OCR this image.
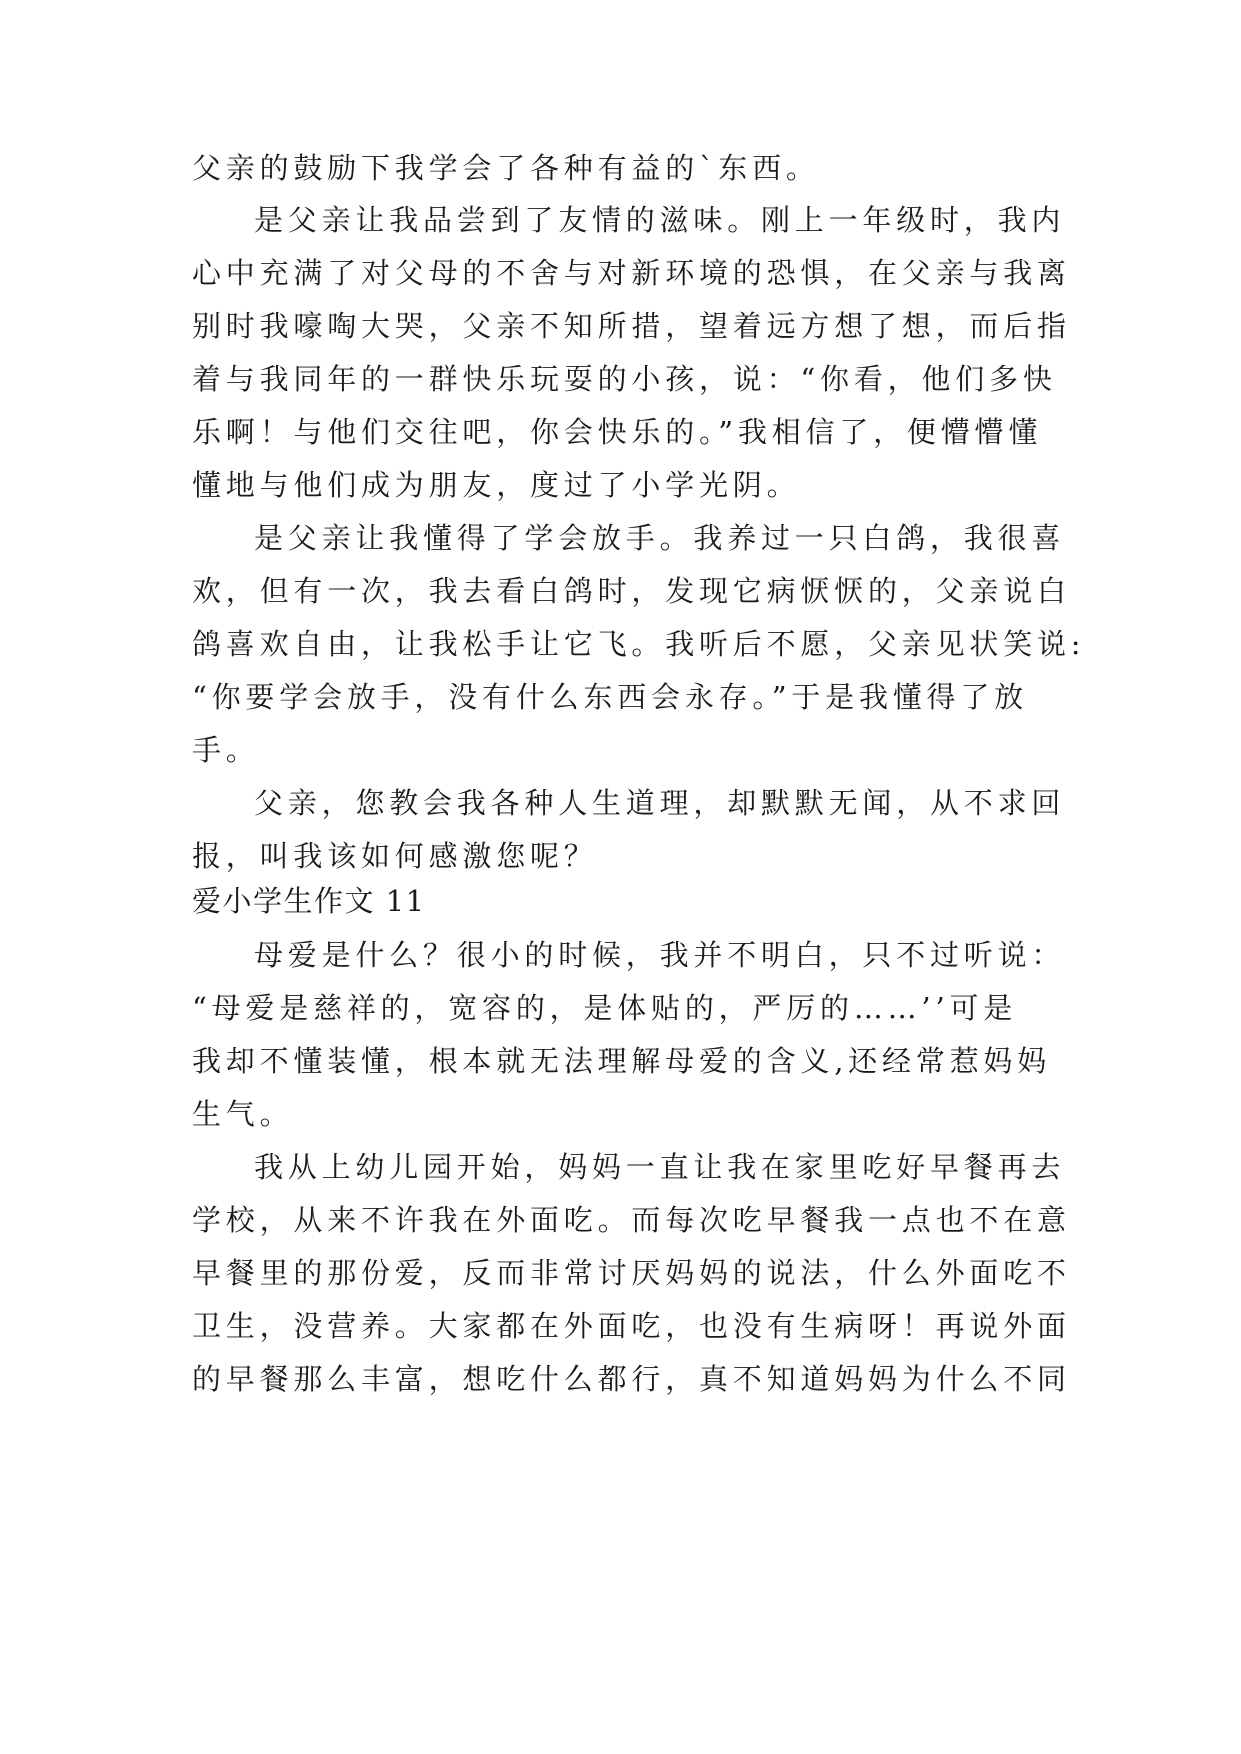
父亲的鼓励下我学会了各种有益的`东西。
是父亲让我品尝到了友情的滋味。刚上一年级时，我内
心中充满了对父母的不舍与对新环境的恐惧，在父亲与我离
别时我嚎啕大哭，父亲不知所措，望着远方想了想，而后指
着与我同年的一群快乐玩耍的小孩，说：“你看，他们多快
乐啊！与他们交往吧，你会快乐的。”我相信了，便懵懵懂
懂地与他们成为朋友，度过了小学光阴。
是父亲让我懂得了学会放手。我养过一只白鸽，我很喜
欢，但有一次，我去看白鸽时，发现它病恹恹的，父亲说白
鸽喜欢自由，让我松手让它飞。我听后不愿，父亲见状笑说:
“你要学会放手，没有什么东西会永存。”于是我懂得了放
手。
父亲，您教会我各种人生道理，却默默无闻，从不求回
报，叫我该如何感激您呢？
爱小学生作文 11
母爱是什么？很小的时候，我并不明白，只不过听说：
“母爱是慈祥的，宽容的，是体贴的，严厉的……’’可是
我却不懂装懂，根本就无法理解母爱的含义,还经常惹妈妈
生气。
我从上幼儿园开始，妈妈一直让我在家里吃好早餐再去
学校，从来不许我在外面吃。而每次吃早餐我一点也不在意
早餐里的那份爱，反而非常讨厌妈妈的说法，什么外面吃不
卫生，没营养。大家都在外面吃，也没有生病呀！再说外面
的早餐那么丰富，想吃什么都行，真不知道妈妈为什么不同
